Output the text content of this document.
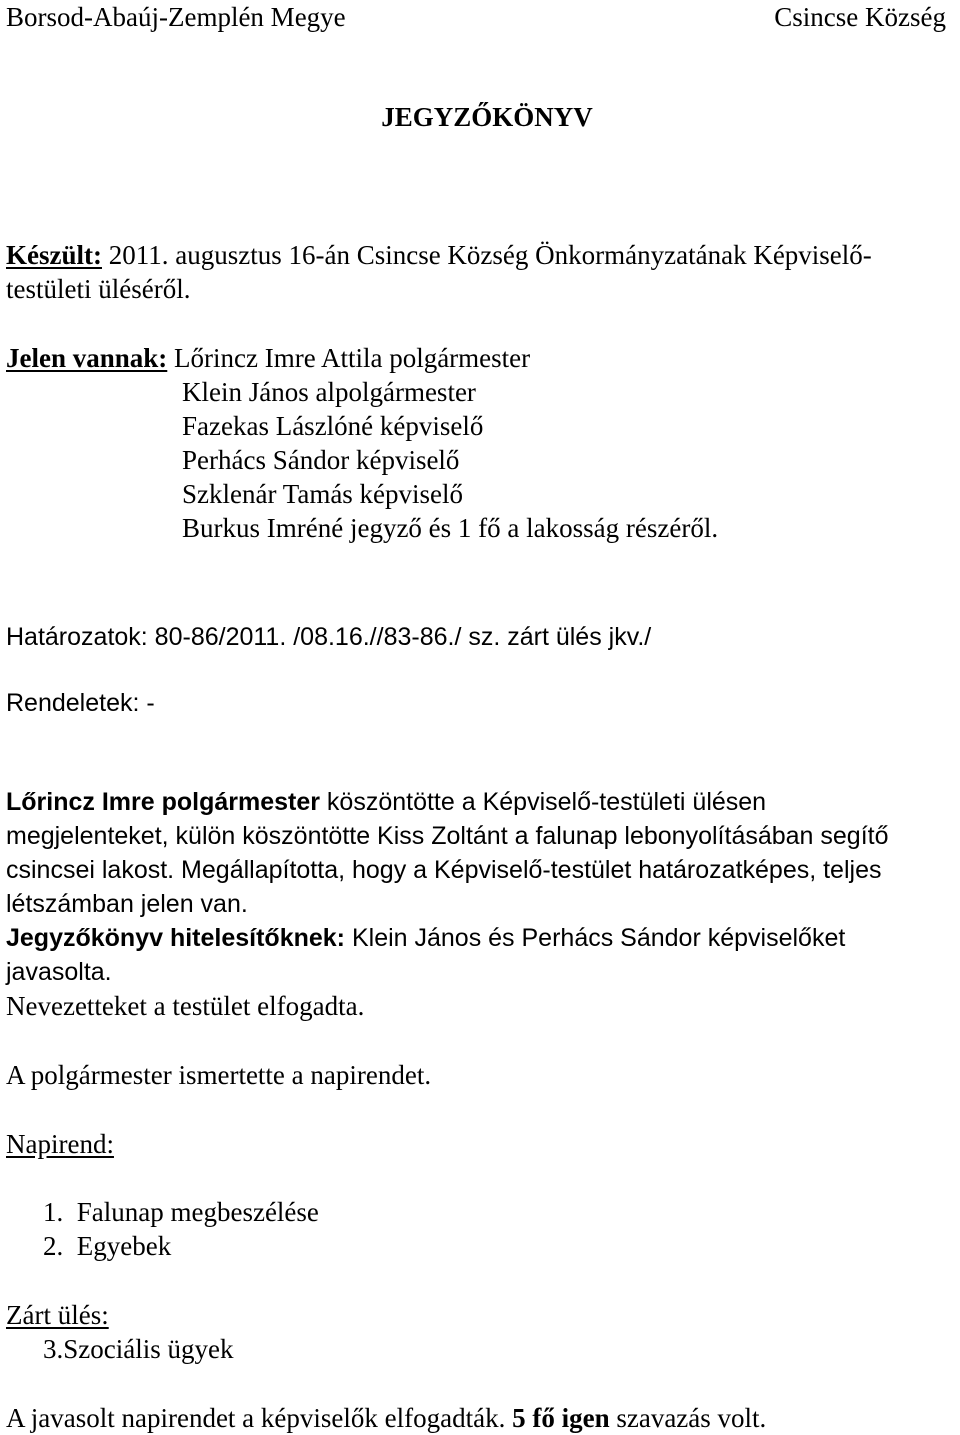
Borsod-Abaúj-Zemplén Megye	Csincse Község
JEGYZŐKÖNYV
Készült: 2011. augusztus 16-án Csincse Község Önkormányzatának Képviselő-
testületi üléséről.
Jelen vannak: Lőrincz Imre Attila polgármester
Klein János alpolgármester
Fazekas Lászlóné képviselő
Perhács Sándor képviselő
Szklenár Tamás képviselő
Burkus Imréné jegyző és 1 fő a lakosság részéről.
Határozatok: 80-86/2011. /08.16.//83-86./ sz. zárt ülés jkv./
Rendeletek: -
Lőrincz Imre polgármester köszöntötte a Képviselő-testületi ülésen
megjelenteket, külön köszöntötte Kiss Zoltánt a falunap lebonyolításában segítő
csincsei lakost. Megállapította, hogy a Képviselő-testület határozatképes, teljes
létszámban jelen van.
Jegyzőkönyv hitelesítőknek: Klein János és Perhács Sándor képviselőket
javasolta.
Nevezetteket a testület elfogadta.
A polgármester ismertette a napirendet.
Napirend:
1.  Falunap megbeszélése
2.  Egyebek
Zárt ülés:
3.Szociális ügyek
A javasolt napirendet a képviselők elfogadták. 5 fő igen szavazás volt.
